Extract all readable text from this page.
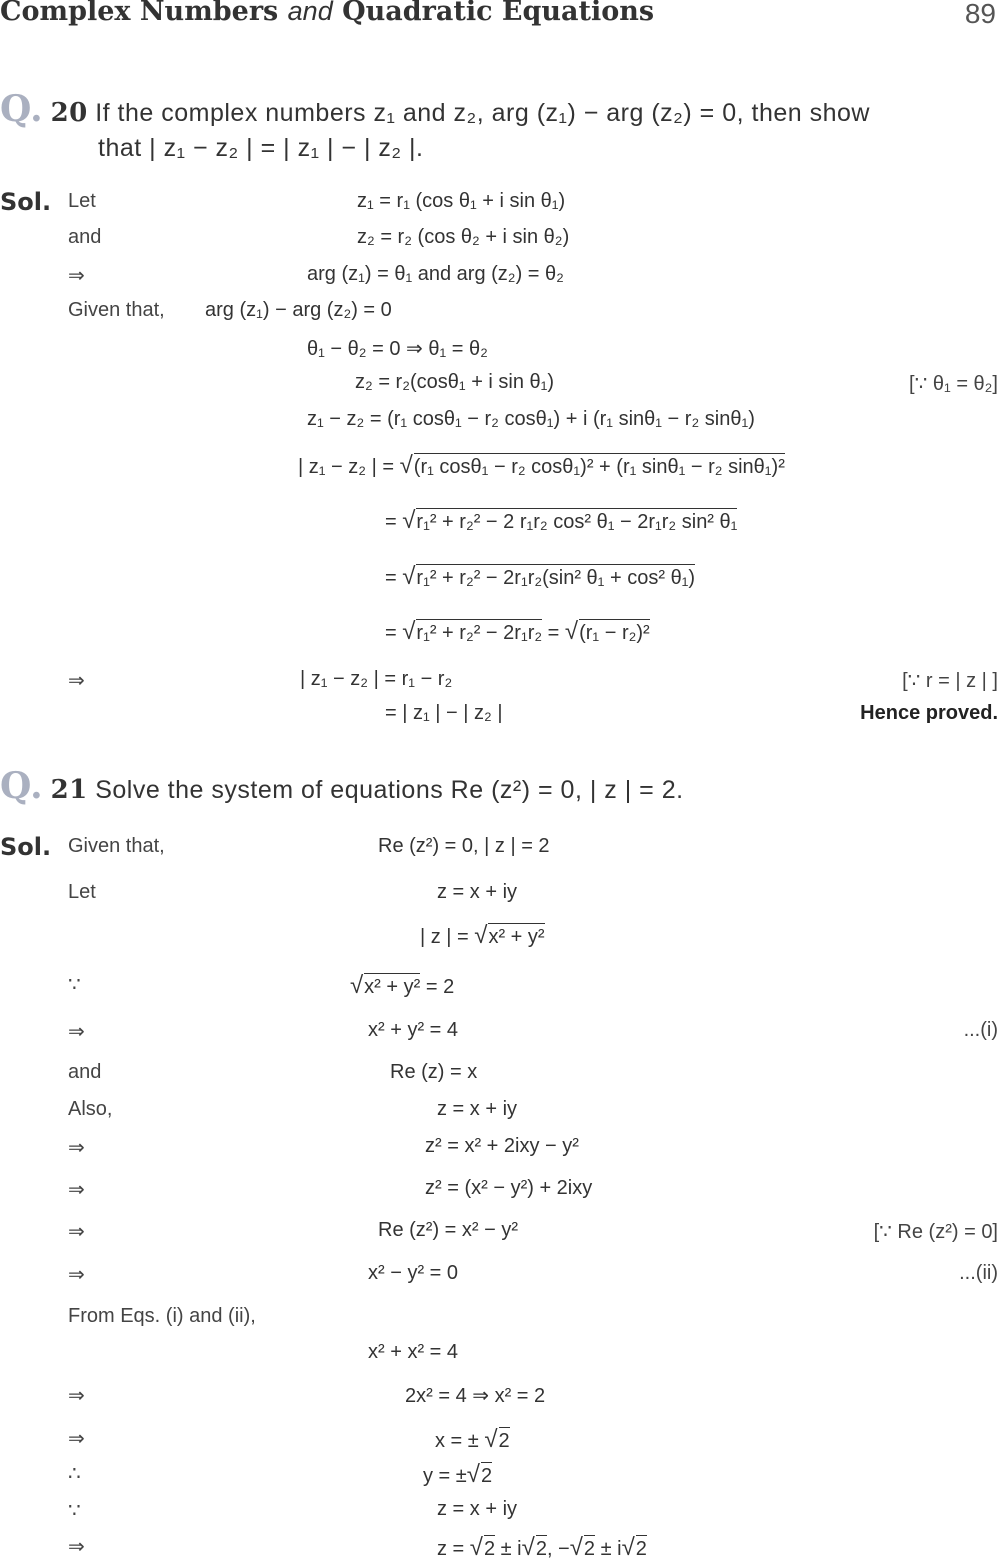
Complex Numbers and Quadratic Equations	89
Q. 20 If the complex numbers z₁ and z₂, arg (z₁) − arg (z₂) = 0, then show
that | z₁ − z₂ | = | z₁ | − | z₂ |.
Sol. Let	z₁ = r₁ (cos θ₁ + i sin θ₁)
and	z₂ = r₂ (cos θ₂ + i sin θ₂)
⇒	arg (z₁) = θ₁ and arg (z₂) = θ₂
Given that, arg (z₁) − arg (z₂) = 0
θ₁ − θ₂ = 0 ⇒ θ₁ = θ₂
z₂ = r₂(cosθ₁ + i sin θ₁)	[∵ θ₁ = θ₂]
z₁ − z₂ = (r₁ cosθ₁ − r₂ cosθ₁) + i (r₁ sinθ₁ − r₂ sinθ₁)
| z₁ − z₂ | = √(r₁ cosθ₁ − r₂ cosθ₁)² + (r₁ sinθ₁ − r₂ sinθ₁)²
= √r₁² + r₂² − 2 r₁r₂ cos² θ₁ − 2r₁r₂ sin² θ₁
= √r₁² + r₂² − 2r₁r₂(sin² θ₁ + cos² θ₁)
= √r₁² + r₂² − 2r₁r₂ = √(r₁ − r₂)²
⇒	| z₁ − z₂ | = r₁ − r₂	[∵ r = | z | ]
= | z₁ | − | z₂ |	Hence proved.
Q. 21 Solve the system of equations Re (z²) = 0, | z | = 2.
Sol. Given that,	Re (z²) = 0, | z | = 2
Let	z = x + iy
| z | = √x² + y²
∵	√x² + y² = 2
⇒	x² + y² = 4	...(i)
and	Re (z) = x
Also,	z = x + iy
⇒	z² = x² + 2ixy − y²
⇒	z² = (x² − y²) + 2ixy
⇒	Re (z²) = x² − y²	[∵ Re (z²) = 0]
⇒	x² − y² = 0	...(ii)
From Eqs. (i) and (ii),
x² + x² = 4
⇒	2x² = 4 ⇒ x² = 2
⇒	x = ± √2
∴	y = ±√2
∵	z = x + iy
⇒	z = √2 ± i√2, −√2 ± i√2
